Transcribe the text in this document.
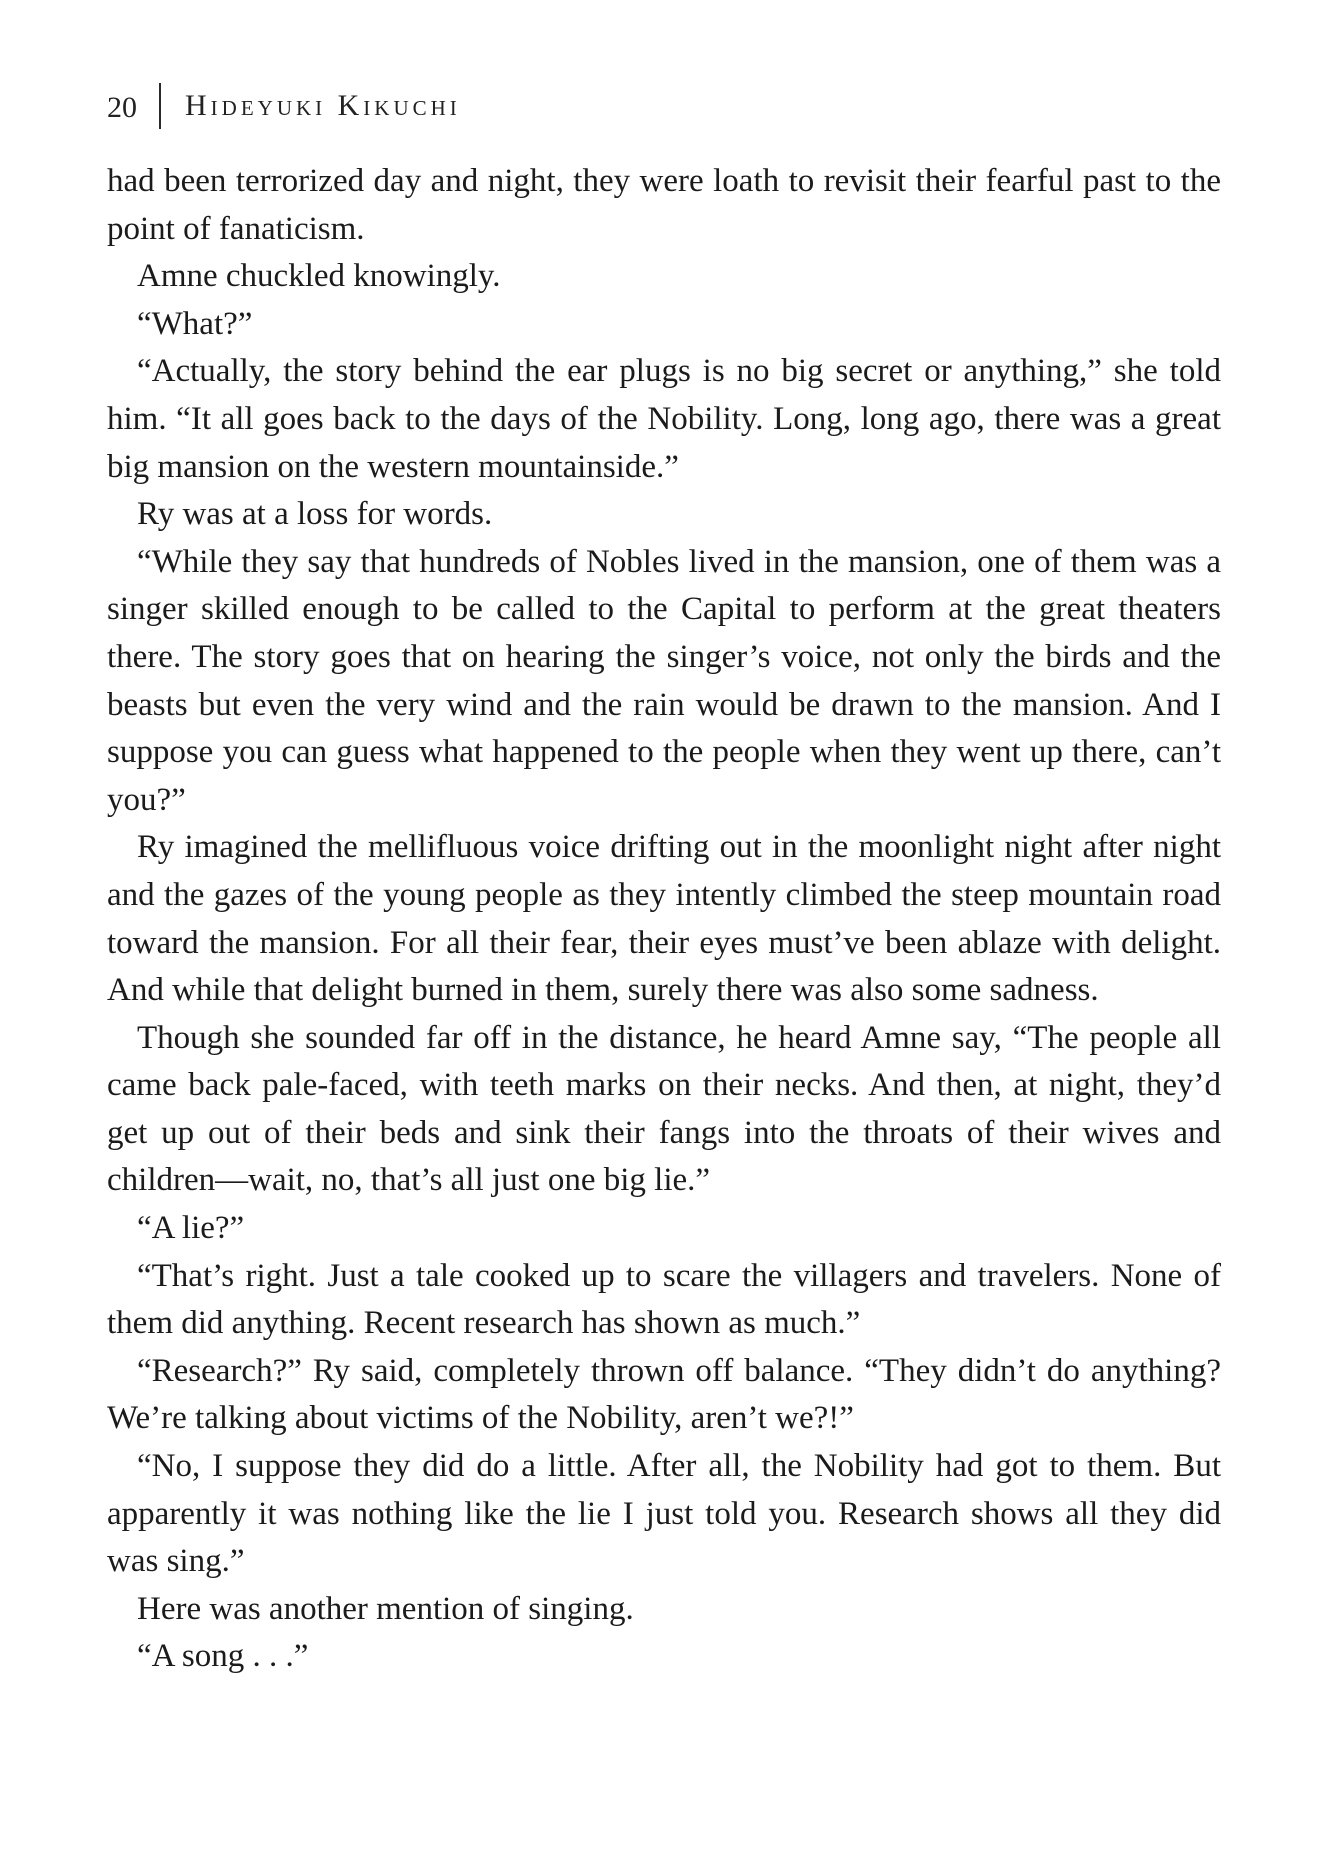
20 Hideyuki Kikuchi

had been terrorized day and night, they were loath to revisit their fearful past to the point of fanaticism.

Amne chuckled knowingly.

“What?”

“Actually, the story behind the ear plugs is no big secret or anything,” she told him. “It all goes back to the days of the Nobility. Long, long ago, there was a great big mansion on the western mountainside.”

Ry was at a loss for words.

“While they say that hundreds of Nobles lived in the mansion, one of them was a singer skilled enough to be called to the Capital to perform at the great theaters there. The story goes that on hearing the singer’s voice, not only the birds and the beasts but even the very wind and the rain would be drawn to the mansion. And I suppose you can guess what happened to the people when they went up there, can’t you?”

Ry imagined the mellifluous voice drifting out in the moonlight night after night and the gazes of the young people as they intently climbed the steep mountain road toward the mansion. For all their fear, their eyes must’ve been ablaze with delight. And while that delight burned in them, surely there was also some sadness.

Though she sounded far off in the distance, he heard Amne say, “The people all came back pale-faced, with teeth marks on their necks. And then, at night, they’d get up out of their beds and sink their fangs into the throats of their wives and children—wait, no, that’s all just one big lie.”

“A lie?”

“That’s right. Just a tale cooked up to scare the villagers and travelers. None of them did anything. Recent research has shown as much.”

“Research?” Ry said, completely thrown off balance. “They didn’t do anything? We’re talking about victims of the Nobility, aren’t we?!”

“No, I suppose they did do a little. After all, the Nobility had got to them. But apparently it was nothing like the lie I just told you. Research shows all they did was sing.”

Here was another mention of singing.

“A song . . .”
